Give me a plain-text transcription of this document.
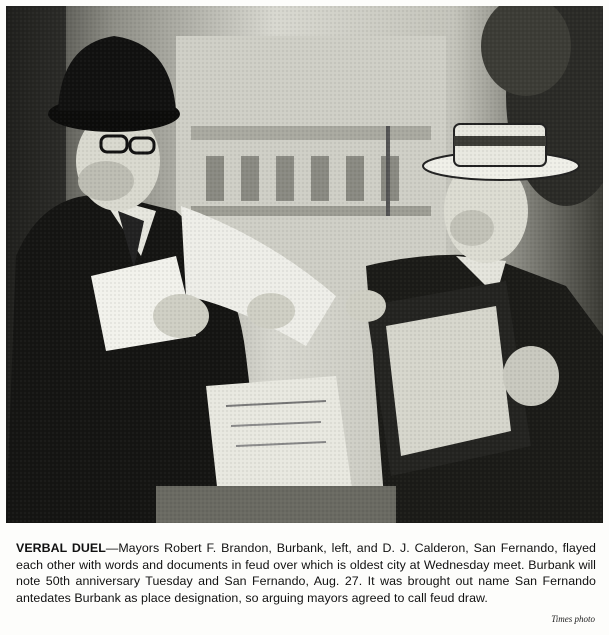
VERBAL DUEL—Mayors Robert F. Brandon, Burbank, left, and D. J. Calderon, San Fernando, flayed each other with words and documents in feud over which is oldest city at Wednesday meet. Burbank will note 50th anniversary Tuesday and San Fernando, Aug. 27. It was brought out name San Fernando antedates Burbank as place designation, so arguing mayors agreed to call feud draw.

Times photo
